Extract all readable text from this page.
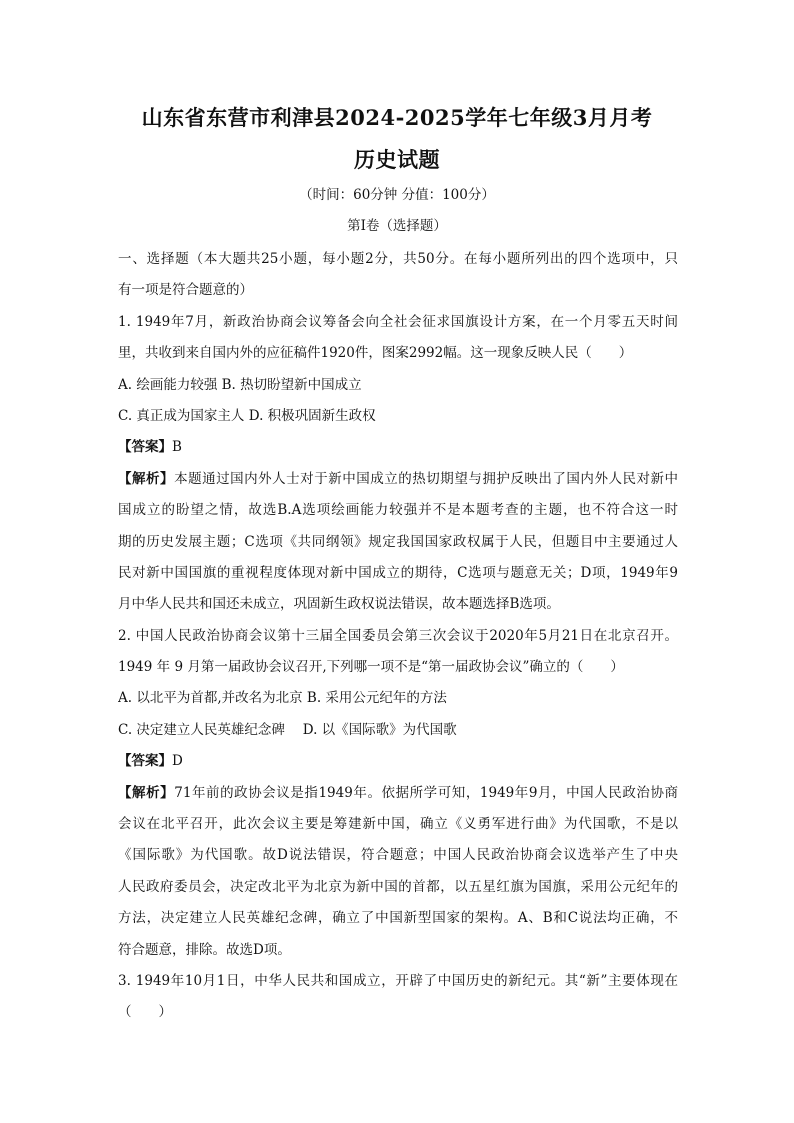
山东省东营市利津县2024-2025学年七年级3月月考
历史试题
（时间：60分钟 分值：100分）
第Ⅰ卷（选择题）
一、选择题（本大题共25小题，每小题2分，共50分。在每小题所列出的四个选项中，只
有一项是符合题意的）
1. 1949年7月，新政治协商会议筹备会向全社会征求国旗设计方案，在一个月零五天时间
里，共收到来自国内外的应征稿件1920件，图案2992幅。这一现象反映人民（　　）
A. 绘画能力较强 B. 热切盼望新中国成立
C. 真正成为国家主人 D. 积极巩固新生政权
【答案】B
【解析】本题通过国内外人士对于新中国成立的热切期望与拥护反映出了国内外人民对新中
国成立的盼望之情，故选B.A选项绘画能力较强并不是本题考查的主题，也不符合这一时
期的历史发展主题；C选项《共同纲领》规定我国国家政权属于人民，但题目中主要通过人
民对新中国国旗的重视程度体现对新中国成立的期待，C选项与题意无关；D项，1949年9
月中华人民共和国还未成立，巩固新生政权说法错误，故本题选择B选项。
2. 中国人民政治协商会议第十三届全国委员会第三次会议于2020年5月21日在北京召开。
1949 年 9 月第一届政协会议召开,下列哪一项不是“第一届政协会议”确立的（　　）
A. 以北平为首都,并改名为北京 B. 采用公元纪年的方法
C. 决定建立人民英雄纪念碑　 D. 以《国际歌》为代国歌
【答案】D
【解析】71年前的政协会议是指1949年。依据所学可知，1949年9月，中国人民政治协商
会议在北平召开，此次会议主要是筹建新中国，确立《义勇军进行曲》为代国歌，不是以
《国际歌》为代国歌。故D说法错误，符合题意；中国人民政治协商会议选举产生了中央
人民政府委员会，决定改北平为北京为新中国的首都，以五星红旗为国旗，采用公元纪年的
方法，决定建立人民英雄纪念碑，确立了中国新型国家的架构。A、B和C说法均正确，不
符合题意，排除。故选D项。
3. 1949年10月1日，中华人民共和国成立，开辟了中国历史的新纪元。其“新”主要体现在
（　　）
